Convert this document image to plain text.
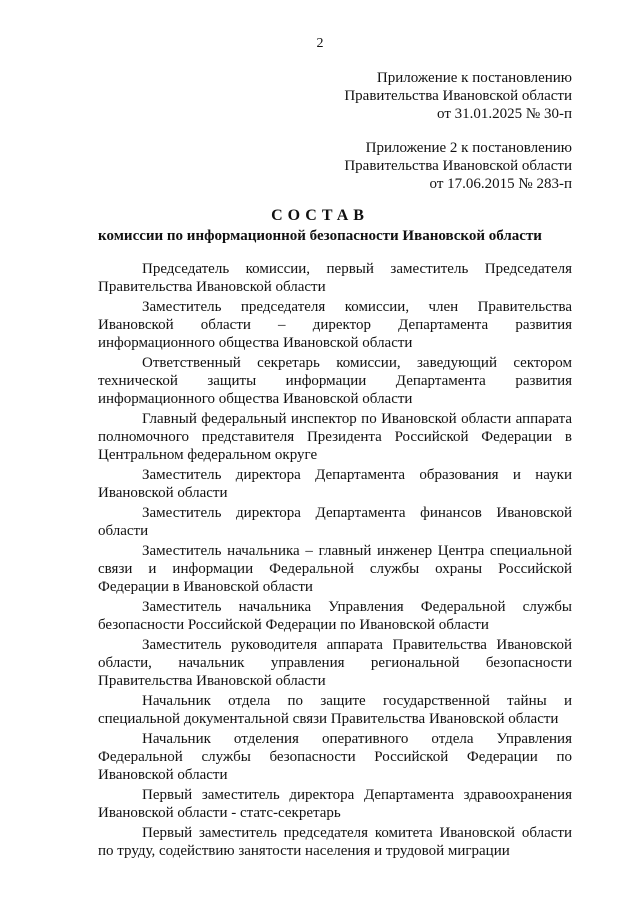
2
Приложение к постановлению
Правительства Ивановской области
от 31.01.2025 № 30-п
Приложение 2 к постановлению
Правительства Ивановской области
от 17.06.2015 № 283-п
СОСТАВ
комиссии по информационной безопасности Ивановской области

Председатель комиссии, первый заместитель Председателя Правительства Ивановской области

Заместитель председателя комиссии, член Правительства Ивановской области – директор Департамента развития информационного общества Ивановской области

Ответственный секретарь комиссии, заведующий сектором технической защиты информации Департамента развития информационного общества Ивановской области

Главный федеральный инспектор по Ивановской области аппарата полномочного представителя Президента Российской Федерации в Центральном федеральном округе

Заместитель директора Департамента образования и науки Ивановской области

Заместитель директора Департамента финансов Ивановской области

Заместитель начальника – главный инженер Центра специальной связи и информации Федеральной службы охраны Российской Федерации в Ивановской области

Заместитель начальника Управления Федеральной службы безопасности Российской Федерации по Ивановской области

Заместитель руководителя аппарата Правительства Ивановской области, начальник управления региональной безопасности Правительства Ивановской области

Начальник отдела по защите государственной тайны и специальной документальной связи Правительства Ивановской области

Начальник отделения оперативного отдела Управления Федеральной службы безопасности Российской Федерации по Ивановской области

Первый заместитель директора Департамента здравоохранения Ивановской области - статс-секретарь

Первый заместитель председателя комитета Ивановской области по труду, содействию занятости населения и трудовой миграции
